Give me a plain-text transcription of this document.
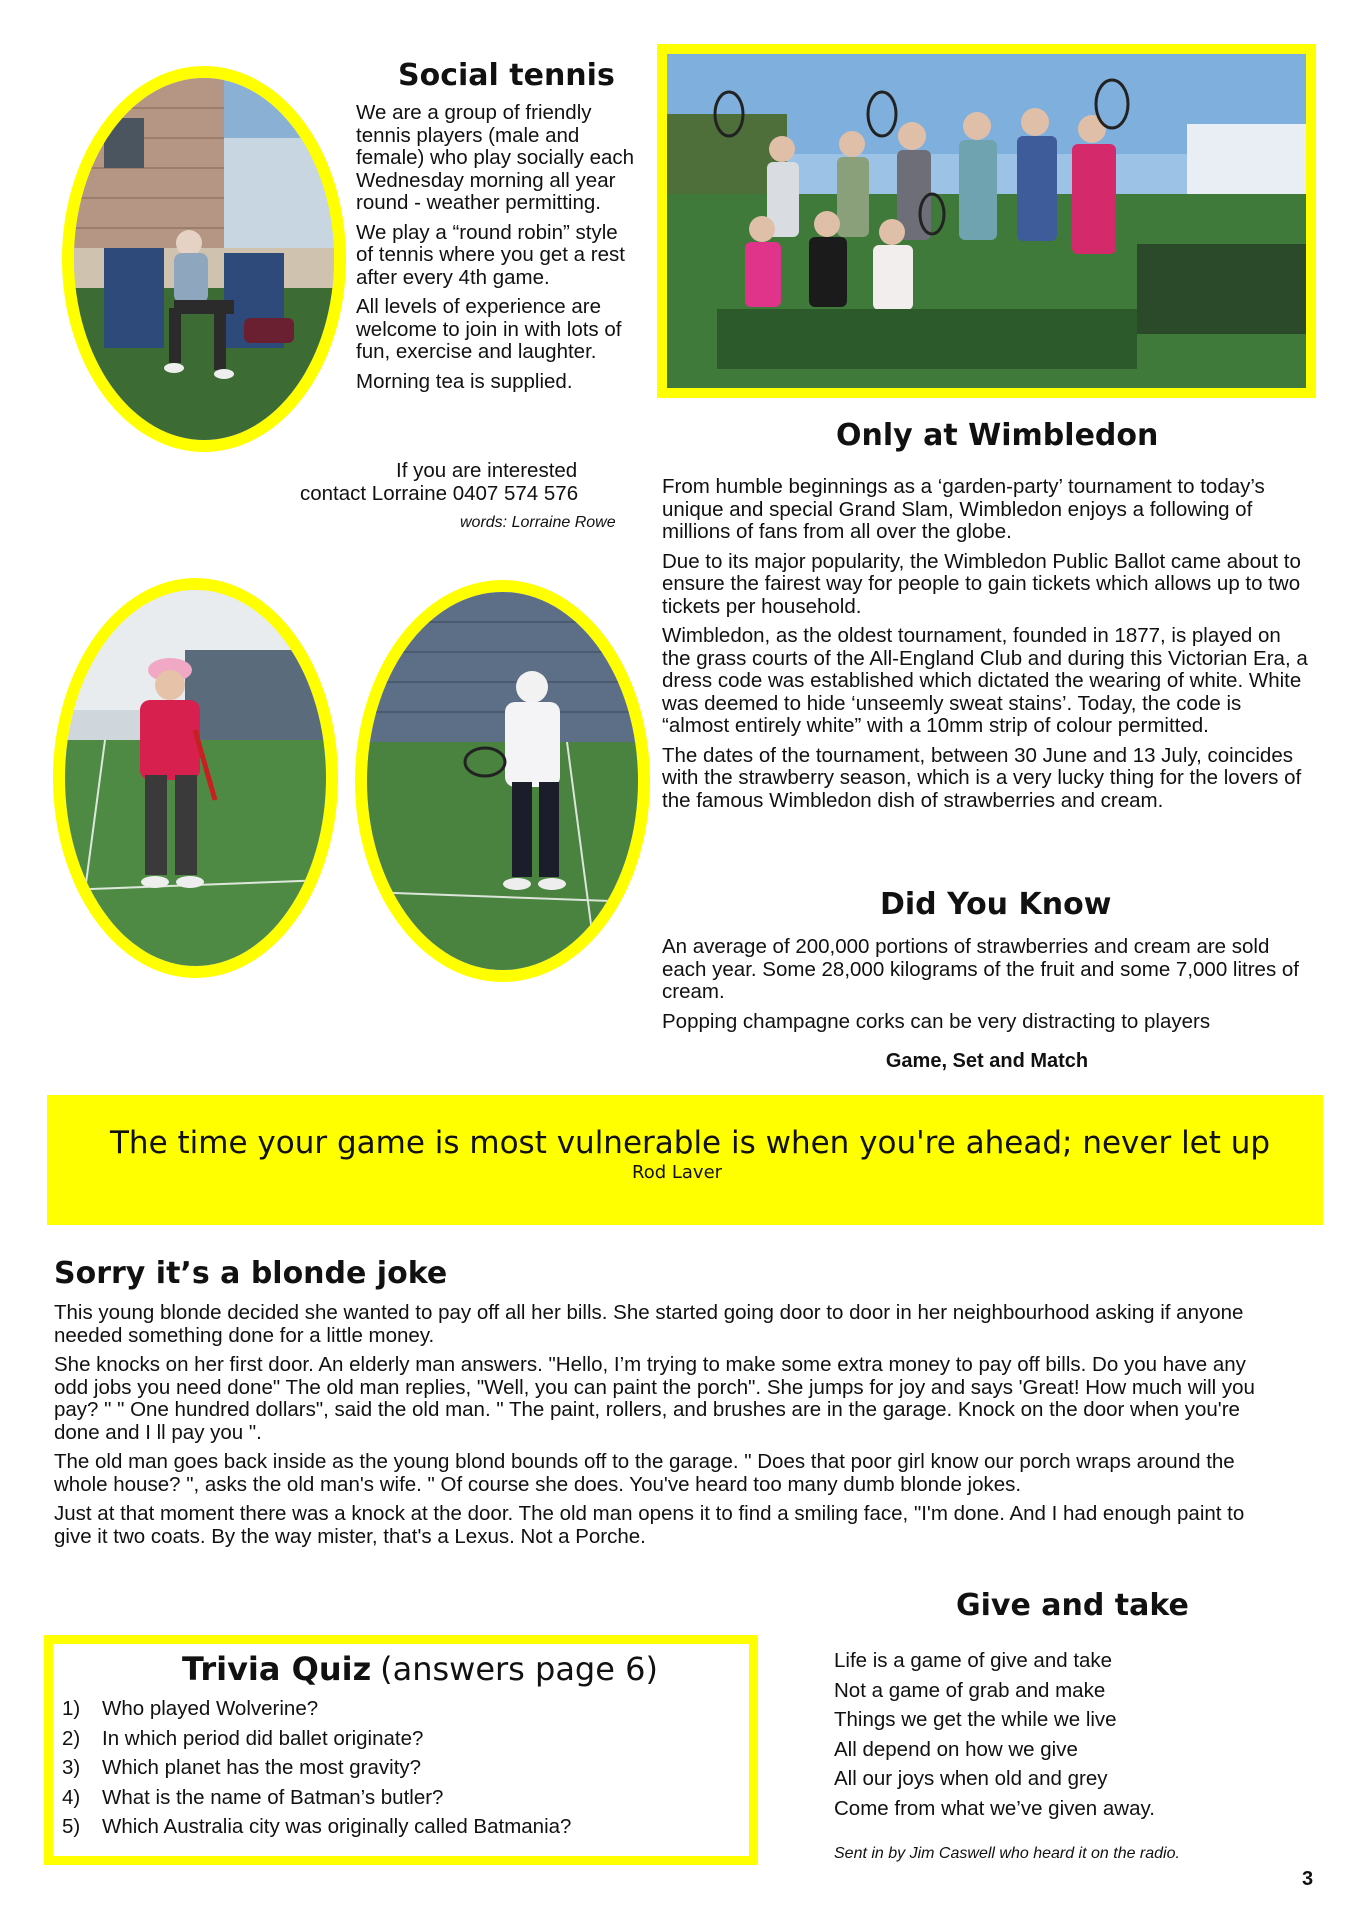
Social tennis

We are a group of friendly tennis players (male and female) who play socially each Wednesday morning all year round - weather permitting.

We play a “round robin” style of tennis where you get a rest after every 4th game.

All levels of experience are welcome to join in with lots of fun, exercise and laughter.

Morning tea is supplied.

If you are interested
contact Lorraine 0407 574 576
words: Lorraine Rowe
Only at Wimbledon

From humble beginnings as a ‘garden-party’ tournament to today’s unique and special Grand Slam, Wimbledon enjoys a following of millions of fans from all over the globe.

Due to its major popularity, the Wimbledon Public Ballot came about to ensure the fairest way for people to gain tickets which allows up to two tickets per household.

Wimbledon, as the oldest tournament, founded in 1877, is played on the grass courts of the All-England Club and during this Victorian Era, a dress code was established which dictated the wearing of white. White was deemed to hide ‘unseemly sweat stains’. Today, the code is “almost entirely white” with a 10mm strip of colour permitted.

The dates of the tournament, between 30 June and 13 July, coincides with the strawberry season, which is a very lucky thing for the lovers of the famous Wimbledon dish of strawberries and cream.

Did You Know

An average of 200,000 portions of strawberries and cream are sold each year. Some 28,000 kilograms of the fruit and some 7,000 litres of cream.

Popping champagne corks can be very distracting to players

Game, Set and Match
The time your game is most vulnerable is when you're ahead; never let up
Rod Laver
Sorry it’s a blonde joke

This young blonde decided she wanted to pay off all her bills. She started going door to door in her neighbourhood asking if anyone needed something done for a little money.

She knocks on her first door. An elderly man answers. "Hello, I’m trying to make some extra money to pay off bills. Do you have any odd jobs you need done" The old man replies, "Well, you can paint the porch". She jumps for joy and says 'Great! How much will you pay? " " One hundred dollars", said the old man. " The paint, rollers, and brushes are in the garage. Knock on the door when you're done and I ll pay you ".

The old man goes back inside as the young blond bounds off to the garage. " Does that poor girl know our porch wraps around the whole house? ", asks the old man's wife. " Of course she does. You've heard too many dumb blonde jokes.

Just at that moment there was a knock at the door. The old man opens it to find a smiling face, "I'm done. And I had enough paint to give it two coats. By the way mister, that's a Lexus. Not a Porche.

Give and take
Life is a game of give and take
Not a game of grab and make
Things we get the while we live
All depend on how we give
All our joys when old and grey
Come from what we’ve given away.
Sent in by Jim Caswell who heard it on the radio.
Trivia Quiz (answers page 6)
1) Who played Wolverine?
2) In which period did ballet originate?
3) Which planet has the most gravity?
4) What is the name of Batman’s butler?
5) Which Australia city was originally called Batmania?
3
